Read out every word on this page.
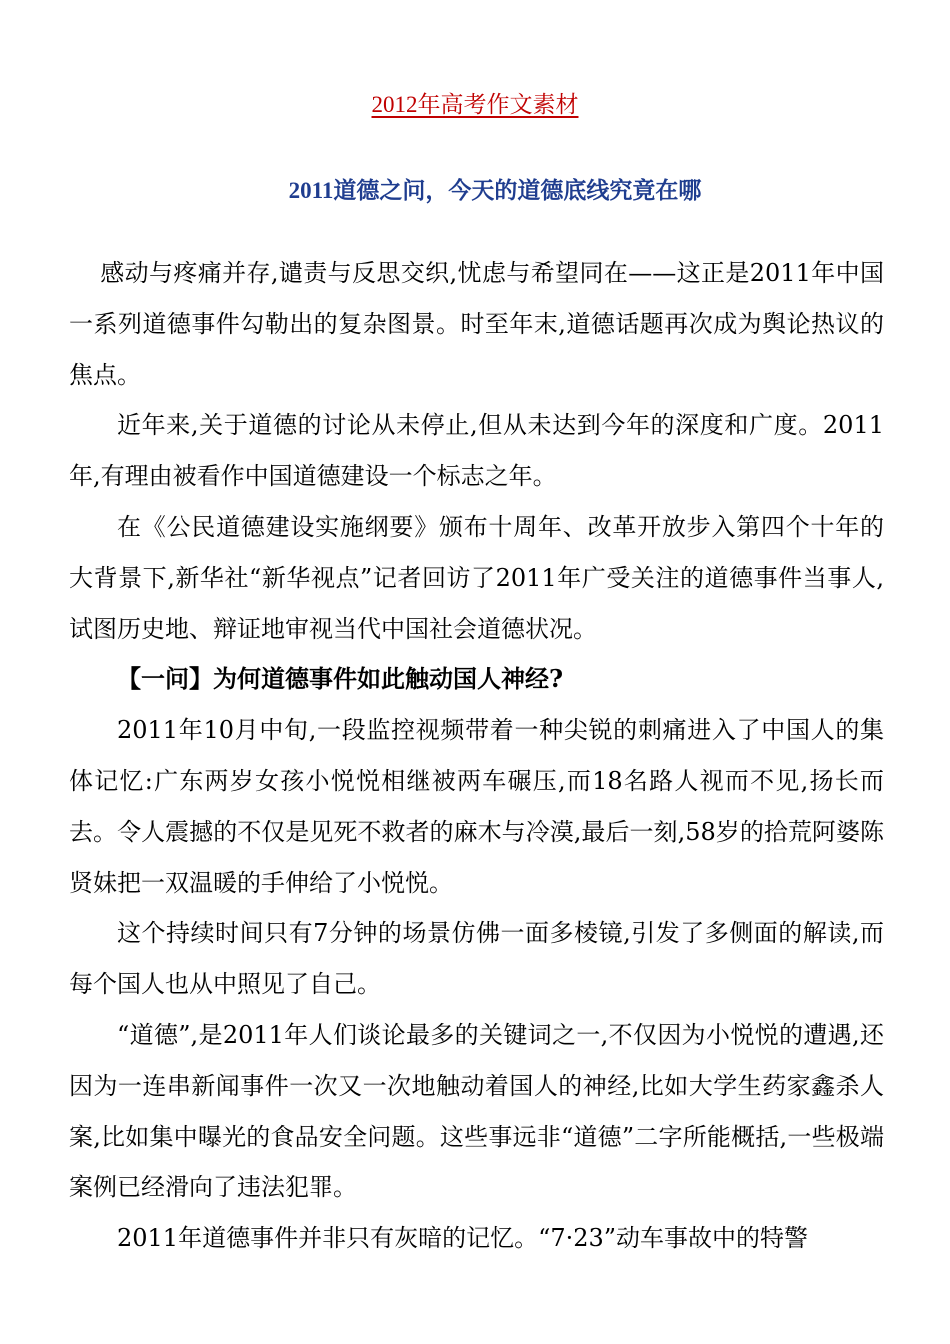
2012年高考作文素材
2011道德之问，今天的道德底线究竟在哪

感动与疼痛并存,谴责与反思交织,忧虑与希望同在——这正是2011年中国一系列道德事件勾勒出的复杂图景。时至年末,道德话题再次成为舆论热议的焦点。

近年来,关于道德的讨论从未停止,但从未达到今年的深度和广度。2011年,有理由被看作中国道德建设一个标志之年。

在《公民道德建设实施纲要》颁布十周年、改革开放步入第四个十年的大背景下,新华社“新华视点”记者回访了2011年广受关注的道德事件当事人,试图历史地、辩证地审视当代中国社会道德状况。

【一问】为何道德事件如此触动国人神经?

2011年10月中旬,一段监控视频带着一种尖锐的刺痛进入了中国人的集体记忆:广东两岁女孩小悦悦相继被两车碾压,而18名路人视而不见,扬长而去。令人震撼的不仅是见死不救者的麻木与冷漠,最后一刻,58岁的拾荒阿婆陈贤妹把一双温暖的手伸给了小悦悦。

这个持续时间只有7分钟的场景仿佛一面多棱镜,引发了多侧面的解读,而每个国人也从中照见了自己。

“道德”,是2011年人们谈论最多的关键词之一,不仅因为小悦悦的遭遇,还因为一连串新闻事件一次又一次地触动着国人的神经,比如大学生药家鑫杀人案,比如集中曝光的食品安全问题。这些事远非“道德”二字所能概括,一些极端案例已经滑向了违法犯罪。

2011年道德事件并非只有灰暗的记忆。“7·23”动车事故中的特警
